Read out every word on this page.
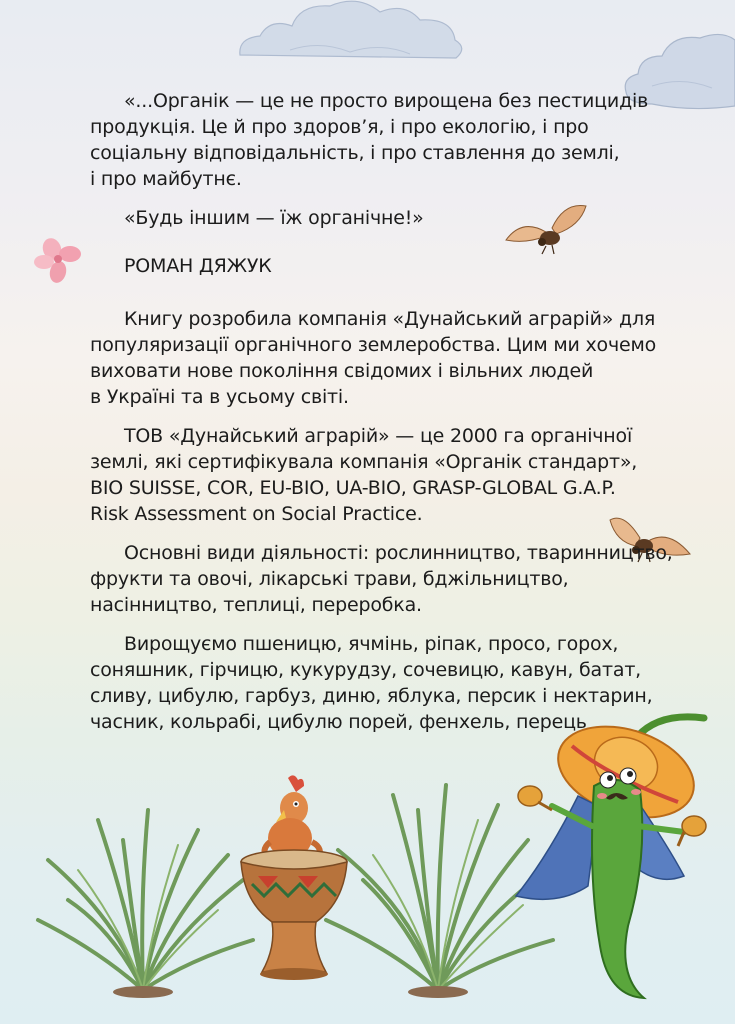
«...Органік — це не просто вирощена без пестицидів
продукція. Це й про здоров’я, і про екологію, і про
соціальну відповідальність, і про ставлення до землі,
і про майбутнє.

«Будь іншим — їж органічне!»

РОМАН ДЯЖУК

Книгу розробила компанія «Дунайський аграрій» для
популяризації органічного землеробства. Цим ми хочемо
виховати нове покоління свідомих і вільних людей
в Україні та в усьому світі.

ТОВ «Дунайський аграрій» — це 2000 га органічної
землі, які сертифікувала компанія «Органік стандарт»,
BIO SUISSE, COR, EU-BIO, UA-BIO, GRASP-GLOBAL G.A.P.
Risk Assessment on Social Practice.

Основні види діяльності: рослинництво, тваринництво,
фрукти та овочі, лікарські трави, бджільництво,
насінництво, теплиці, переробка.

Вирощуємо пшеницю, ячмінь, ріпак, просо, горох,
соняшник, гірчицю, кукурудзу, сочевицю, кавун, батат,
сливу, цибулю, гарбуз, диню, яблука, персик і нектарин,
часник, кольрабі, цибулю порей, фенхель, перець
